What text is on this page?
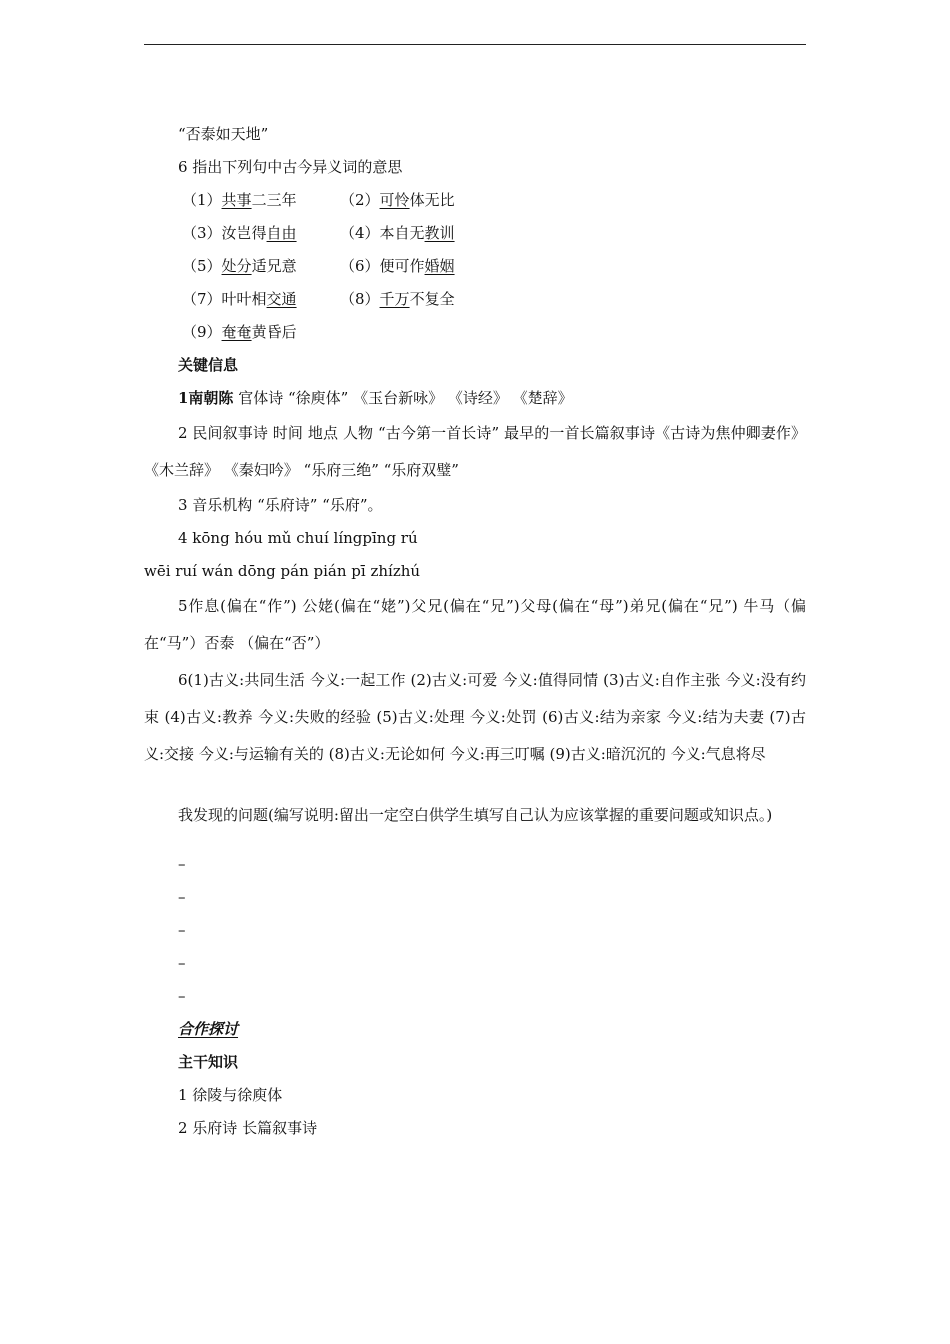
“否泰如天地”
6 指出下列句中古今异义词的意思
（1）共事二三年	（2）可怜体无比
（3）汝岂得自由	（4）本自无教训
（5）处分适兄意	（6）便可作婚姻
（7）叶叶相交通	（8）千万不复全
（9）奄奄黄昏后
关键信息
1南朝陈 官体诗 “徐庾体” 《玉台新咏》 《诗经》 《楚辞》
2 民间叙事诗 时间 地点 人物 “古今第一首长诗” 最早的一首长篇叙事诗《古诗为焦仲卿妻作》 《木兰辞》 《秦妇吟》 “乐府三绝” “乐府双璧”
3 音乐机构 “乐府诗” “乐府”。
4 kōng hóu mǔ chuí língpīng rú
wēi ruí wán dōng pán pián pī zhízhú
5作息(偏在“作”) 公姥(偏在“姥”)父兄(偏在“兄”)父母(偏在“母”)弟兄(偏在“兄”) 牛马（偏在“马”）否泰 （偏在“否”）
6(1)古义:共同生活 今义:一起工作 (2)古义:可爱 今义:值得同情 (3)古义:自作主张 今义:没有约束 (4)古义:教养 今义:失败的经验 (5)古义:处理 今义:处罚 (6)古义:结为亲家 今义:结为夫妻 (7)古义:交接 今义:与运输有关的 (8)古义:无论如何 今义:再三叮嘱 (9)古义:暗沉沉的 今义:气息将尽
我发现的问题(编写说明:留出一定空白供学生填写自己认为应该掌握的重要问题或知识点。)
–
–
–
–
–
合作探讨
主干知识
1 徐陵与徐庾体
2 乐府诗 长篇叙事诗
